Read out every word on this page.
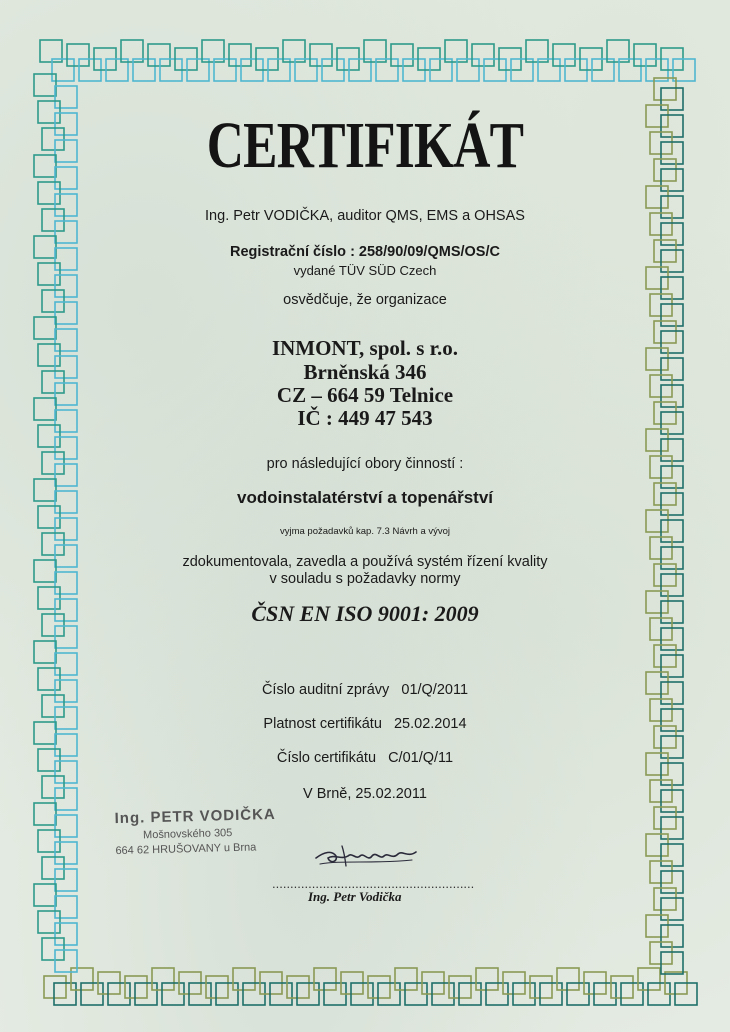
CERTIFIKÁT
Ing. Petr VODIČKA, auditor QMS, EMS a OHSAS
Registrační číslo : 258/90/09/QMS/OS/C
vydané TÜV SÜD Czech
osvědčuje, že organizace
INMONT, spol. s r.o.
Brněnská 346
CZ – 664 59 Telnice
IČ : 449 47 543
pro následující obory činností :
vodoinstalatérství a topenářství
vyjma požadavků kap. 7.3 Návrh a vývoj
zdokumentovala, zavedla a používá systém řízení kvality
v souladu s požadavky normy
ČSN EN ISO 9001: 2009
Číslo auditní zprávy   01/Q/2011
Platnost certifikátu   25.02.2014
Číslo certifikátu   C/01/Q/11
V Brně, 25.02.2011
Ing. PETR VODIČKA
Mošnovského 305
664 62 HRUŠOVANY u Brna
........................................................
Ing. Petr Vodička
